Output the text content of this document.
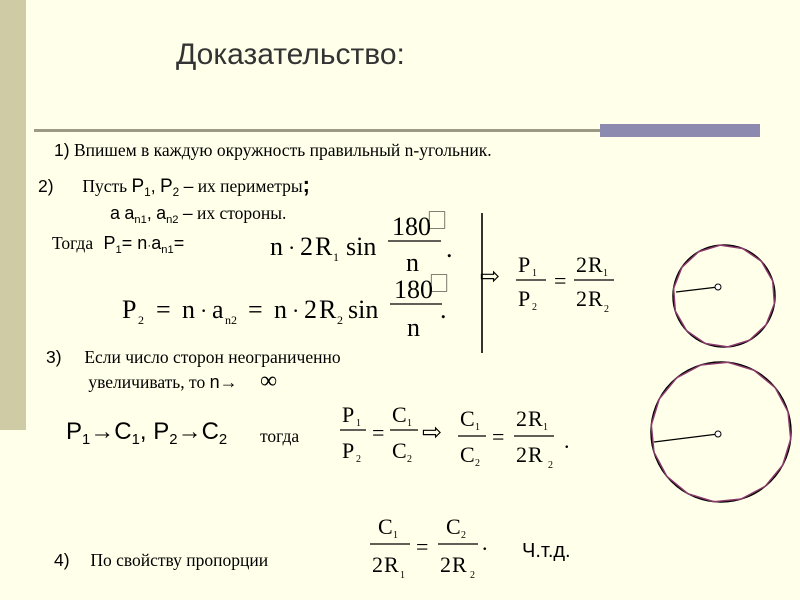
Доказательство:
1) Впишем в каждую окружность правильный n-угольник.
2) Пусть $P_1$, $P_2$ – их периметры;
а $a_{n1}$, $a_{n2}$ – их стороны.
Тогда $P_1= n\cdot a_{n1}=$	n · 2 R 1 sin
180
⃞
n .
P 2 = n · a n2 = n · 2 R 2 sin
180
⃞
n
.
⇨ P 1
P 2
=
2 R 1
2 R 2
3) Если число сторон неограниченно
увеличивать, то n→ ∞
$P_1\to C_1$, $P_2\to C_2$ тогда
P 1
P 2
=
C 1
C 2
⇨
C 1
C 2
=
2 R 1
2 R 2
.
C 1
2 R 1
=
C 2
2 R 2
.
4) По свойству пропорции	Ч.т.д.
